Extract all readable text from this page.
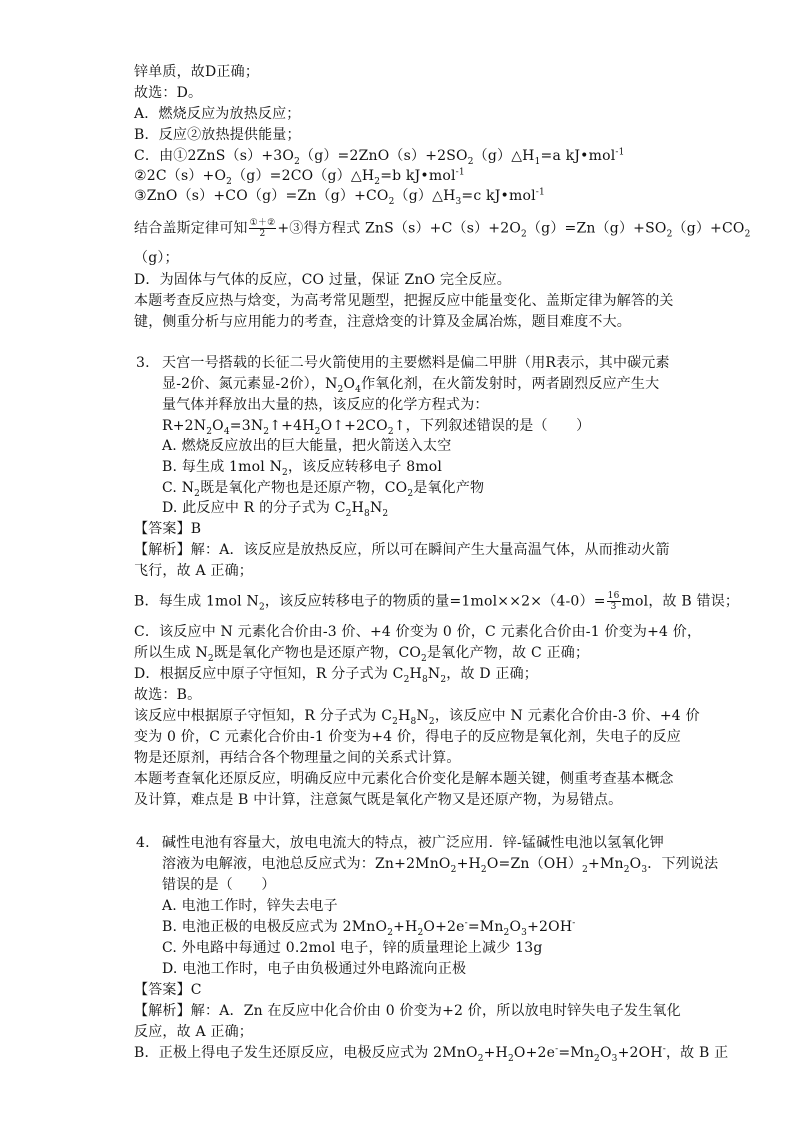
锌单质，故D正确；
故选：D。
A．燃烧反应为放热反应；
B．反应②放热提供能量；
C．由$①2ZnS(s)+3O_2(g)=2ZnO(s)+2SO_2(g)\triangle H_1=a$ kJ•mol$^{-1}$
$②2C(s)+O_2(g)=2CO(g)\triangle H_2=b$ kJ•mol$^{-1}$
$③ZnO(s)+CO(g)=Zn(g)+CO_2(g)\triangle H_3=c$ kJ•mol$^{-1}$
结合盖斯定律可知 $\frac{\text{①＋②}}{2}$ +③得方程式 $ZnS(s)+C(s)+2O_2(g)=Zn(g)+SO_2(g)+CO_2$
（g）；
D．为固体与气体的反应，CO 过量，保证 ZnO 完全反应。
本题考查反应热与焓变，为高考常见题型，把握反应中能量变化、盖斯定律为解答的关
键，侧重分析与应用能力的考查，注意焓变的计算及金属冶炼，题目难度不大。
3. 天宫一号搭载的长征二号火箭使用的主要燃料是偏二甲肼（用R表示，其中碳元素
显-2价、氮元素显-2价），$N_2O_4$作氧化剂，在火箭发射时，两者剧烈反应产生大
量气体并释放出大量的热，该反应的化学方程式为：
$R+2N_2O_4=3N_2↑+4H_2O↑+2CO_2↑$，下列叙述错误的是（　　）
A. 燃烧反应放出的巨大能量，把火箭送入太空
B. 每生成 1mol $N_2$，该反应转移电子 8mol
C. $N_2$既是氧化产物也是还原产物，$CO_2$是氧化产物
D. 此反应中 R 的分子式为 $C_2H_8N_2$
【答案】B
【解析】解：A．该反应是放热反应，所以可在瞬间产生大量高温气体，从而推动火箭
飞行，故 A 正确；
B．每生成 1mol $N_2$，该反应转移电子的物质的量$=1mol\times\times 2\times(4-0)= \frac{16}{3}$ mol，故 B 错误；
C．该反应中 N 元素化合价由-3 价、+4 价变为 0 价，C 元素化合价由-1 价变为+4 价，
所以生成 $N_2$既是氧化产物也是还原产物，$CO_2$是氧化产物，故 C 正确；
D．根据反应中原子守恒知，R 分子式为 $C_2H_8N_2$，故 D 正确；
故选：B。
该反应中根据原子守恒知，R 分子式为 $C_2H_8N_2$，该反应中 N 元素化合价由-3 价、+4 价
变为 0 价，C 元素化合价由-1 价变为+4 价，得电子的反应物是氧化剂，失电子的反应
物是还原剂，再结合各个物理量之间的关系式计算。
本题考查氧化还原反应，明确反应中元素化合价变化是解本题关键，侧重考查基本概念
及计算，难点是 B 中计算，注意氮气既是氧化产物又是还原产物，为易错点。
4. 碱性电池有容量大，放电电流大的特点，被广泛应用．锌-锰碱性电池以氢氧化钾
溶液为电解液，电池总反应式为：$Zn+2MnO_2+H_2O=Zn(OH)_2+Mn_2O_3$．下列说法
错误的是（　　）
A. 电池工作时，锌失去电子
B. 电池正极的电极反应式为 $2MnO_2+H_2O+2e^-=Mn_2O_3+2OH^-$
C. 外电路中每通过 0.2mol 电子，锌的质量理论上减少 13g
D. 电池工作时，电子由负极通过外电路流向正极
【答案】C
【解析】解：A．Zn 在反应中化合价由 0 价变为+2 价，所以放电时锌失电子发生氧化
反应，故 A 正确；
B．正极上得电子发生还原反应，电极反应式为 $2MnO_2+H_2O+2e^-=Mn_2O_3+2OH^-$，故 B 正
